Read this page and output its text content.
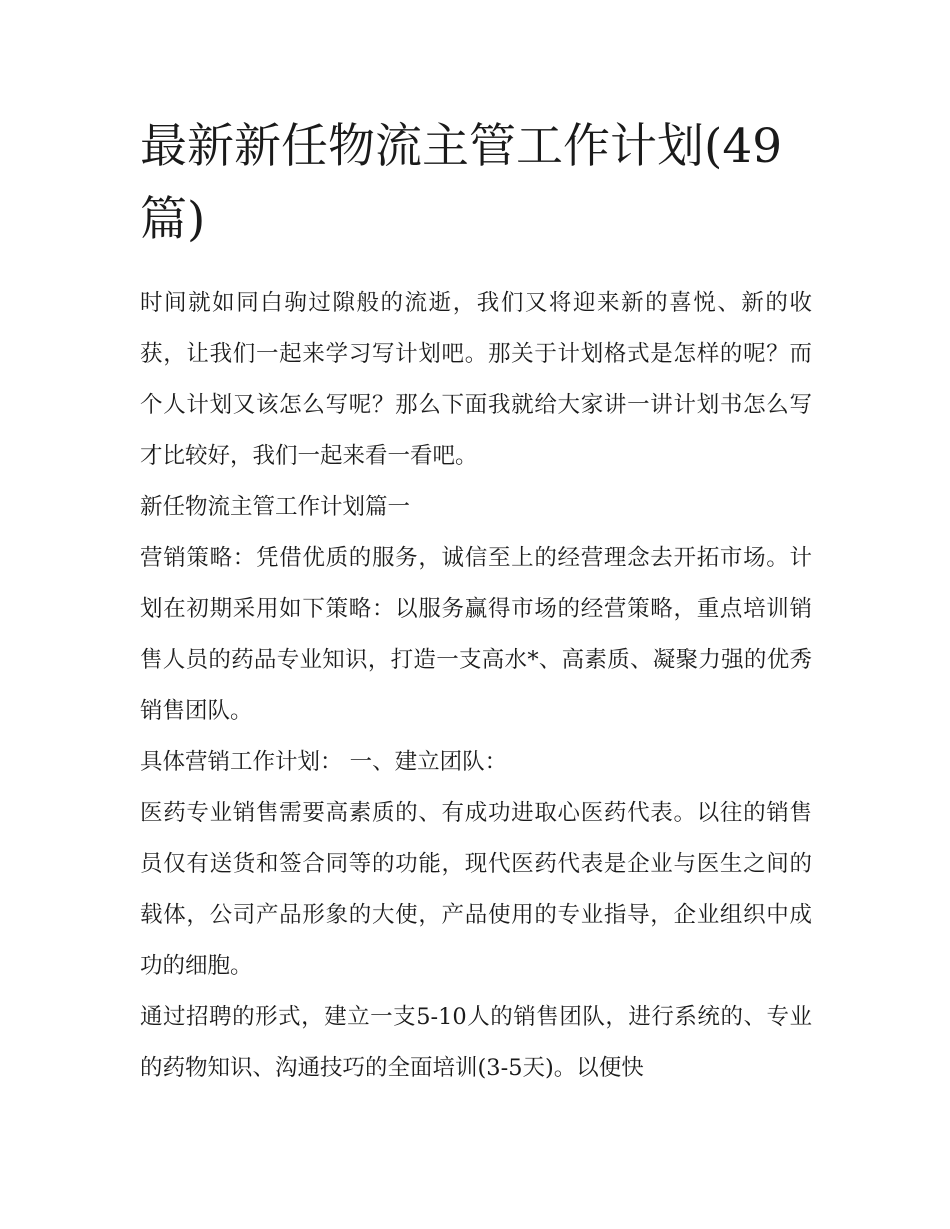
最新新任物流主管工作计划(49篇)

时间就如同白驹过隙般的流逝，我们又将迎来新的喜悦、新的收获，让我们一起来学习写计划吧。那关于计划格式是怎样的呢？而个人计划又该怎么写呢？那么下面我就给大家讲一讲计划书怎么写才比较好，我们一起来看一看吧。

新任物流主管工作计划篇一

营销策略：凭借优质的服务，诚信至上的经营理念去开拓市场。计划在初期采用如下策略：以服务赢得市场的经营策略，重点培训销售人员的药品专业知识，打造一支高水*、高素质、凝聚力强的优秀销售团队。

具体营销工作计划： 一、建立团队：

医药专业销售需要高素质的、有成功进取心医药代表。以往的销售员仅有送货和签合同等的功能，现代医药代表是企业与医生之间的载体，公司产品形象的大使，产品使用的专业指导，企业组织中成功的细胞。

通过招聘的形式，建立一支5-10人的销售团队，进行系统的、专业的药物知识、沟通技巧的全面培训(3-5天)。以便快
